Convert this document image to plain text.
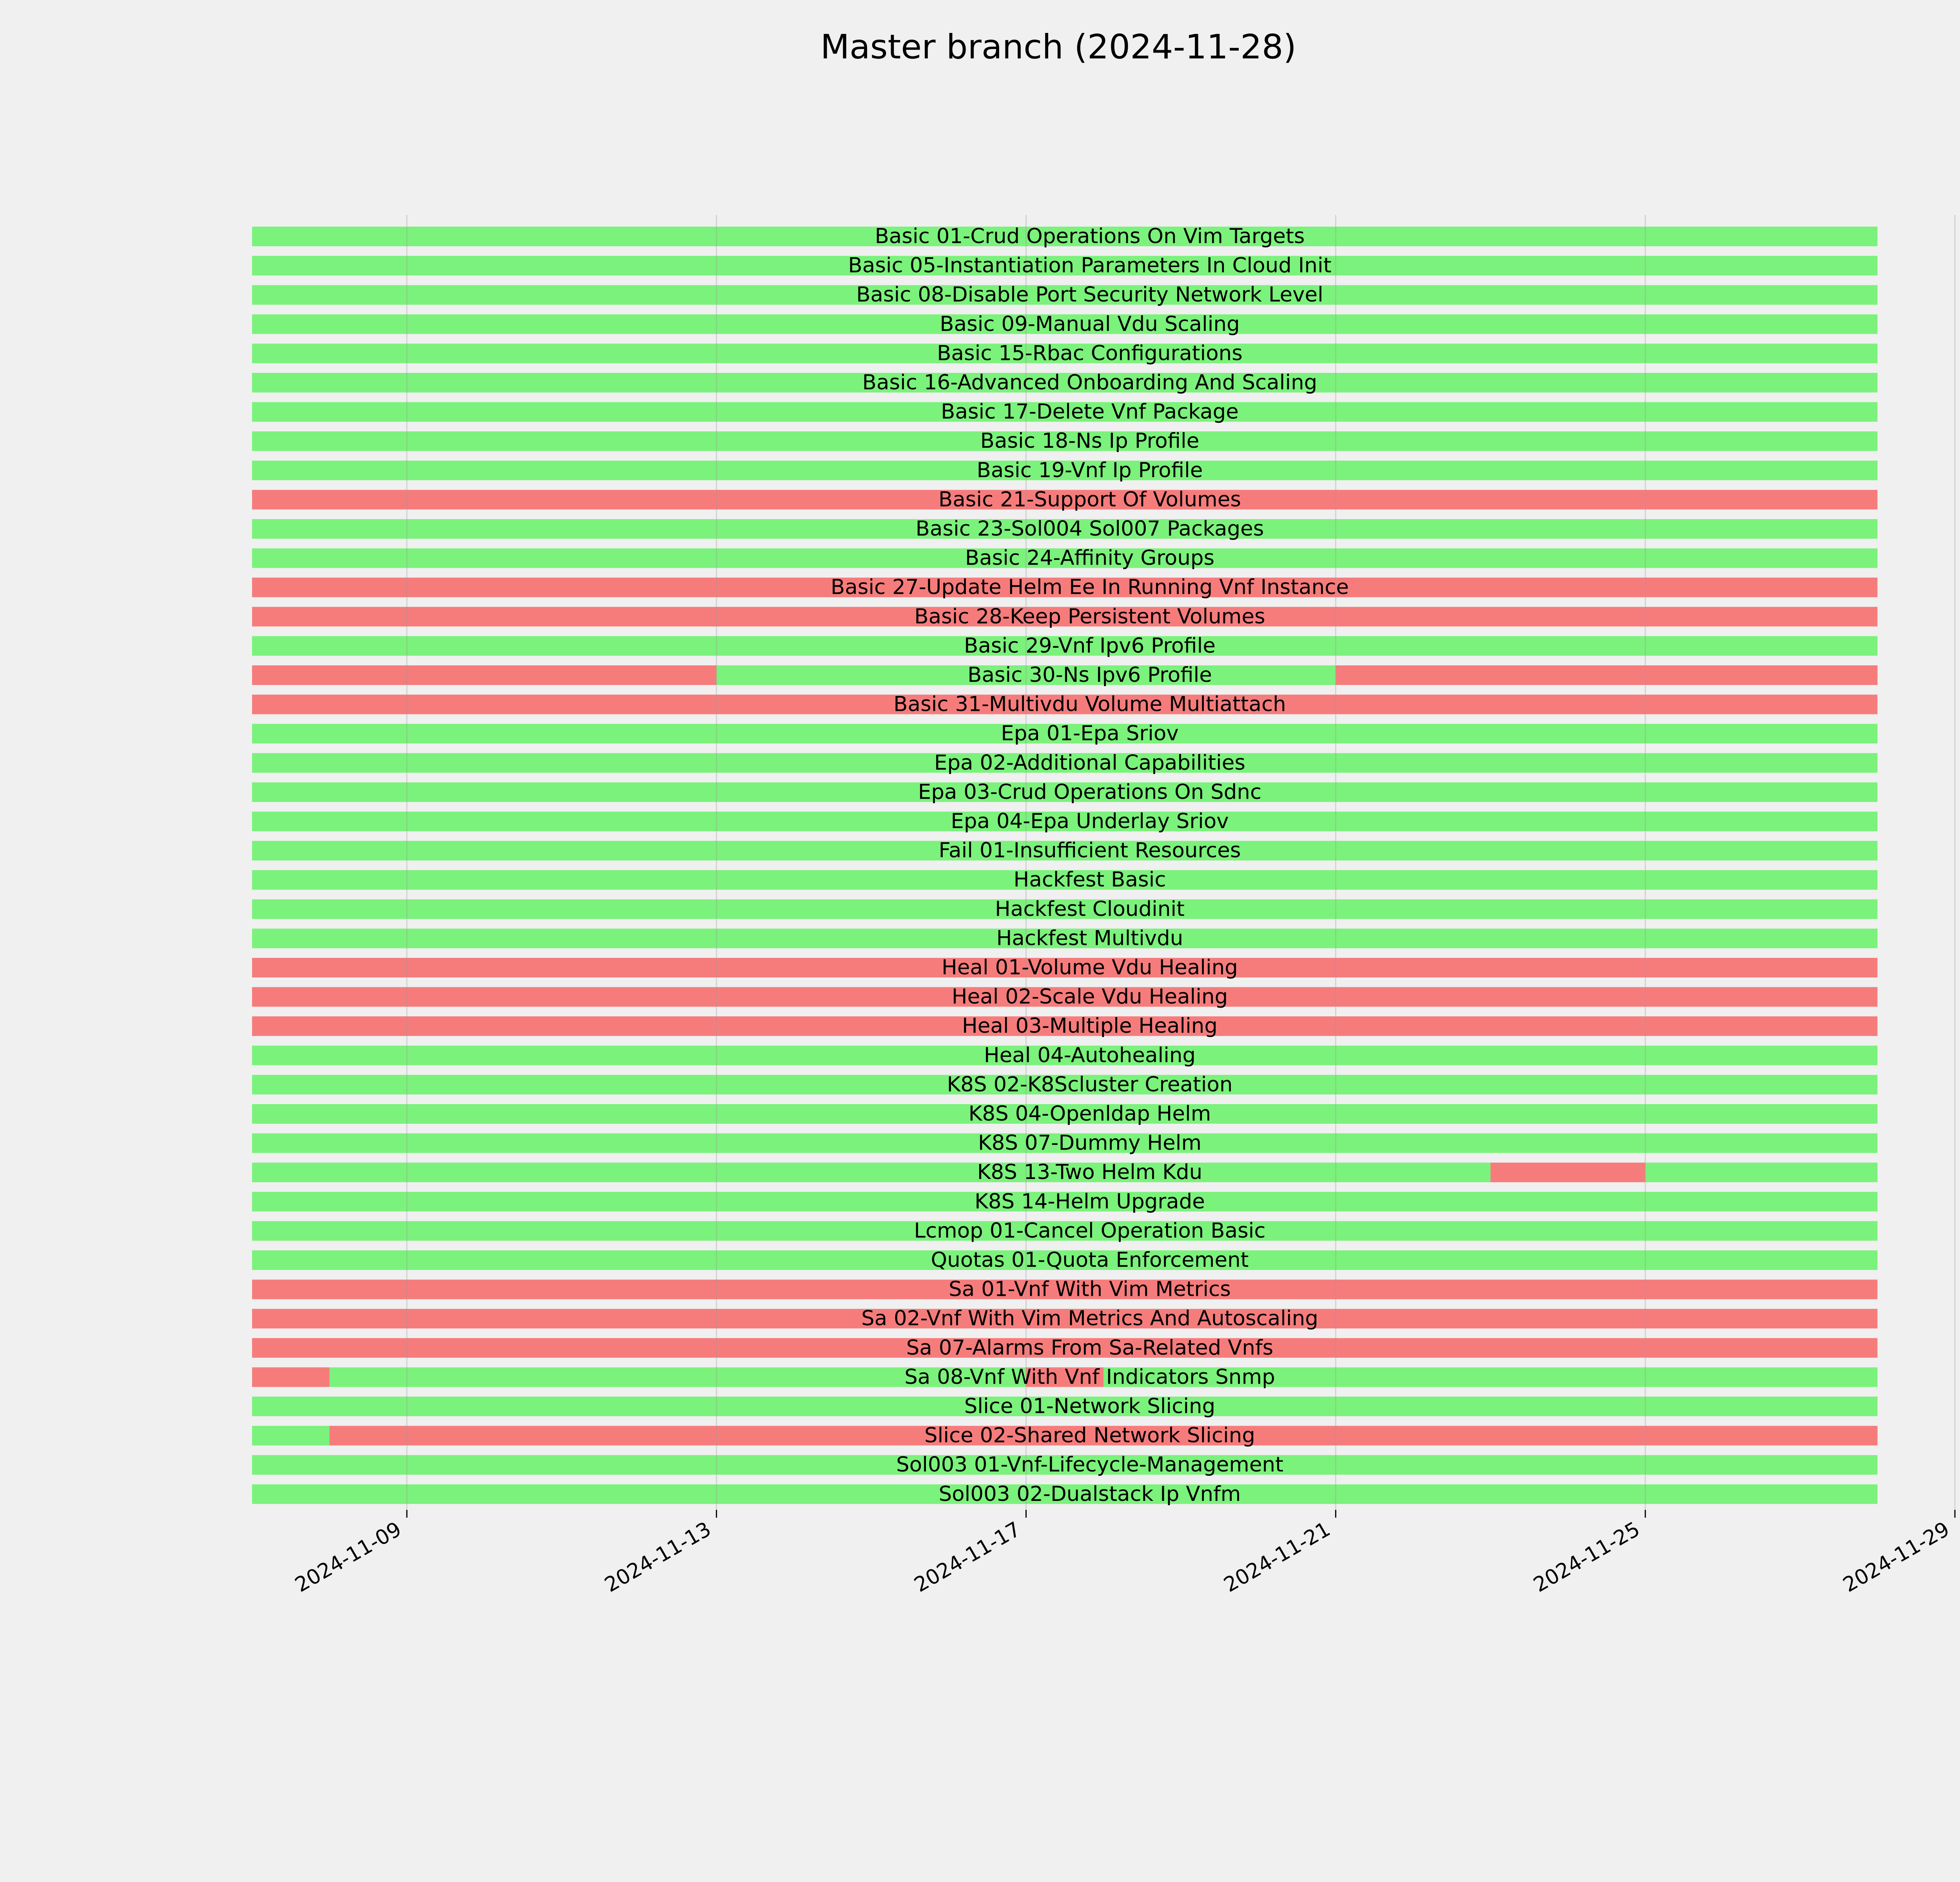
Master branch (2024-11-28)
Basic 01-Crud Operations On Vim Targets
Basic 05-Instantiation Parameters In Cloud Init
Basic 08-Disable Port Security Network Level
Basic 09-Manual Vdu Scaling
Basic 15-Rbac Configurations
Basic 16-Advanced Onboarding And Scaling
Basic 17-Delete Vnf Package
Basic 18-Ns Ip Profile
Basic 19-Vnf Ip Profile
Basic 21-Support Of Volumes
Basic 23-Sol004 Sol007 Packages
Basic 24-Affinity Groups
Basic 27-Update Helm Ee In Running Vnf Instance
Basic 28-Keep Persistent Volumes
Basic 29-Vnf Ipv6 Profile
Basic 30-Ns Ipv6 Profile
Basic 31-Multivdu Volume Multiattach
Epa 01-Epa Sriov
Epa 02-Additional Capabilities
Epa 03-Crud Operations On Sdnc
Epa 04-Epa Underlay Sriov
Fail 01-Insufficient Resources
Hackfest Basic
Hackfest Cloudinit
Hackfest Multivdu
Heal 01-Volume Vdu Healing
Heal 02-Scale Vdu Healing
Heal 03-Multiple Healing
Heal 04-Autohealing
K8S 02-K8Scluster Creation
K8S 04-Openldap Helm
K8S 07-Dummy Helm
K8S 13-Two Helm Kdu
K8S 14-Helm Upgrade
Lcmop 01-Cancel Operation Basic
Quotas 01-Quota Enforcement
Sa 01-Vnf With Vim Metrics
Sa 02-Vnf With Vim Metrics And Autoscaling
Sa 07-Alarms From Sa-Related Vnfs
Sa 08-Vnf With Vnf Indicators Snmp
Slice 01-Network Slicing
Slice 02-Shared Network Slicing
Sol003 01-Vnf-Lifecycle-Management
Sol003 02-Dualstack Ip Vnfm
2024-11-09	2024-11-13	2024-11-17	2024-11-21	2024-11-25	2024-11-29
